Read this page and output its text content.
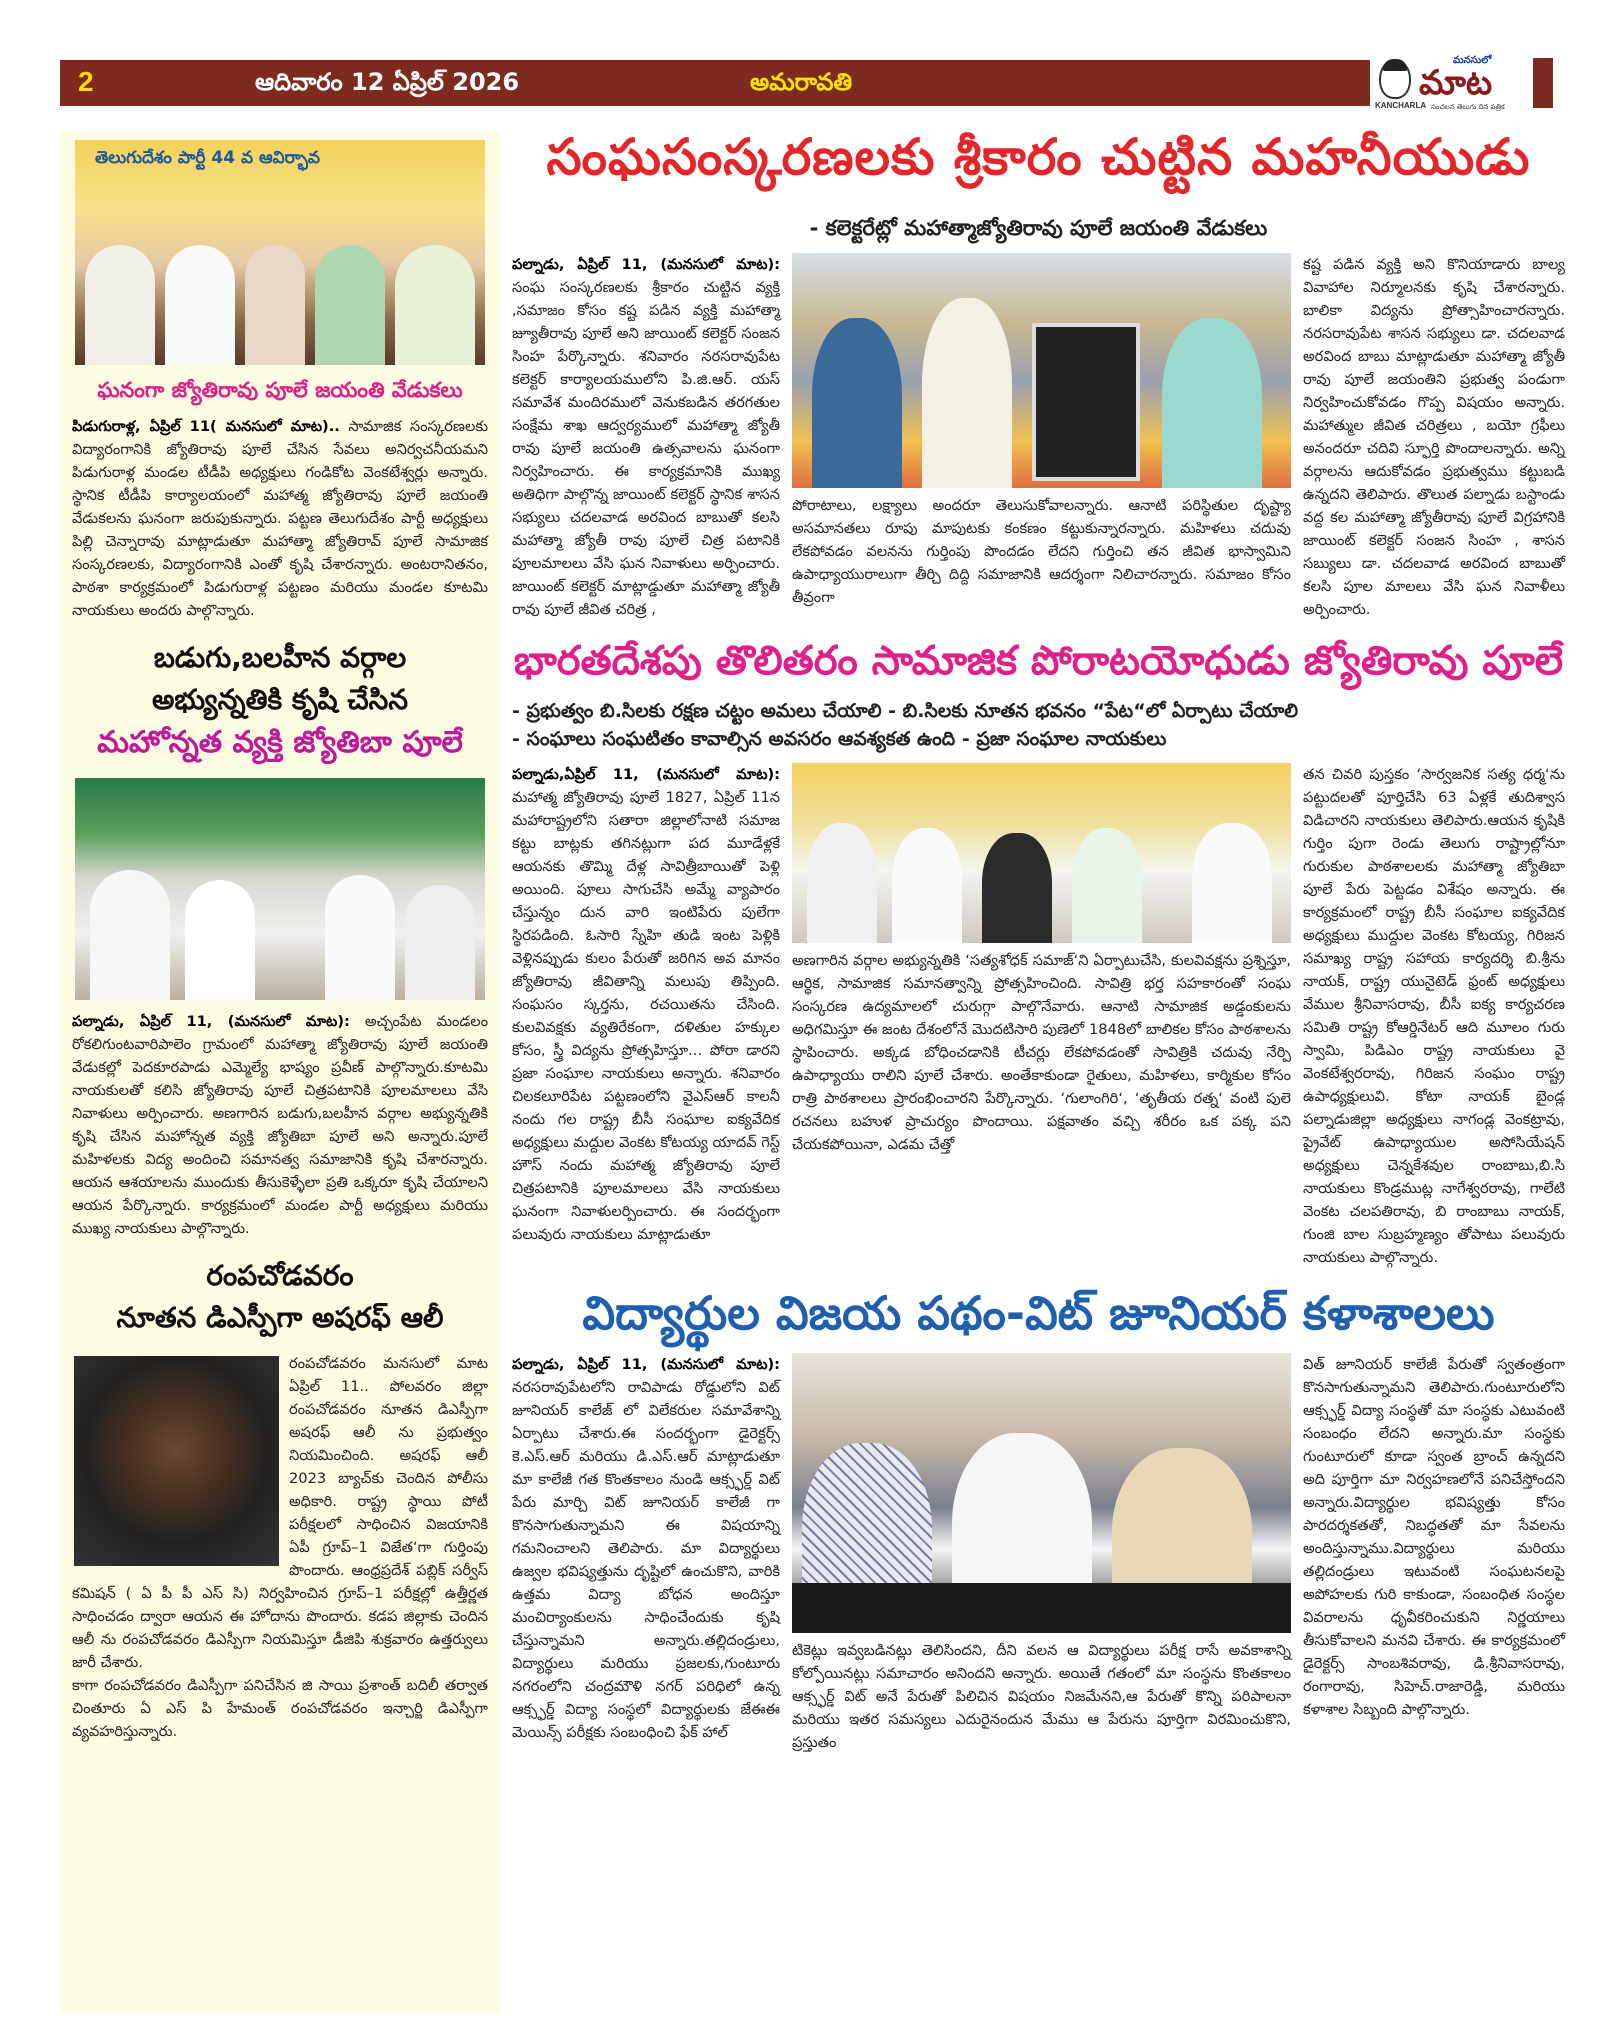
2	ఆదివారం 12 ఏప్రిల్ 2026	అమరావతి
KANCHARLA
మనసులో
మాట
సంచలన తెలుగు దిన పత్రిక
తెలుగుదేశం పార్టీ 44 వ ఆవిర్భావ
ఘనంగా జ్యోతిరావు పూలే జయంతి వేడుకలు
పిడుగురాళ్ల, ఏప్రిల్ 11( మనసులో మాట).. సామాజిక సంస్కరణలకు విద్యారంగానికి జ్యోతిరావు పూలే చేసిన సేవలు అనిర్వచనీయమని పిడుగురాళ్ల మండల టీడీపి అధ్యక్షులు గండికోట వెంకటేశ్వర్లు అన్నారు. స్థానిక టీడీపి కార్యాలయంలో మహాత్మ జ్యోతిరావు పూలే జయంతి వేడుకలను ఘనంగా జరుపుకున్నారు. పట్టణ తెలుగుదేశం పార్టీ అధ్యక్షులు పిల్లి చెన్నారావు మాట్లాడుతూ మహాత్మా జ్యోతిరావ్ పూలే సామాజిక సంస్కరణలకు, విద్యారంగానికి ఎంతో కృషి చేశారన్నారు. అంటరానితనం, పాఠశా కార్యక్రమంలో పిడుగురాళ్ల పట్టణం మరియు మండల కూటమి నాయకులు అందరు పాల్గొన్నారు.
బడుగు,బలహీన వర్గాల
అభ్యున్నతికి కృషి చేసిన
మహోన్నత వ్యక్తి జ్యోతిబా పూలే
పల్నాడు, ఏప్రిల్ 11, (మనసులో మాట): అచ్చంపేట మండలం రోకలిగుంటవారిపాలెం గ్రామంలో మహాత్మా జ్యోతిరావు పూలే జయంతి వేడుకల్లో పెదకూరపాడు ఎమ్మెల్యే భాష్యం ప్రవీణ్ పాల్గొన్నారు.కూటమి నాయకులతో కలిసి జ్యోతిరావు పూలే చిత్రపటానికి పూలమాలలు వేసి నివాళులు అర్పించారు. అణగారిన బడుగు,బలహీన వర్గాల అభ్యున్నతికి కృషి చేసిన మహోన్నత వ్యక్తి జ్యోతిబా పూలే అని అన్నారు.పూలే మహిళలకు విద్య అందించి సమానత్వ సమాజానికి కృషి చేశారన్నారు. ఆయన ఆశయాలను ముందుకు తీసుకెళ్ళేలా ప్రతి ఒక్కరూ కృషి చేయాలని ఆయన పేర్కొన్నారు. కార్యక్రమంలో మండల పార్టీ అధ్యక్షులు మరియు ముఖ్య నాయకులు పాల్గొన్నారు.
రంపచోడవరం
నూతన డిఎస్పీగా అషరఫ్ ఆలీ
రంపచోడవరం మనసులో మాట ఏప్రిల్ 11.. పోలవరం జిల్లా రంపచోడవరం నూతన డిఎస్పీగా అషరఫ్ ఆలీ ను ప్రభుత్వం నియమించింది. అషరఫ్ ఆలీ 2023 బ్యాచ్‌కు చెందిన పోలీసు అధికారి. రాష్ట్ర స్థాయి పోటీ పరీక్షలలో సాధించిన విజయానికి ఏపీ గ్రూప్–1 విజేత‘గా గుర్తింపు పొందారు. ఆంధ్రప్రదేశ్ పబ్లిక్ సర్వీస్ కమిషన్ ( ఏ పీ పీ ఎస్ సి) నిర్వహించిన గ్రూప్–1 పరీక్షల్లో ఉత్తీర్ణత సాధించడం ద్వారా ఆయన ఈ హోదాను పొందారు. కడప జిల్లాకు చెందిన ఆలీ ను రంపచోడవరం డిఎస్పీగా నియమిస్తూ డీజిపి శుక్రవారం ఉత్తర్వులు జారీ చేశారు.
కాగా రంపచోడవరం డిఎస్పీగా పనిచేసిన జి సాయి ప్రశాంత్ బదిలీ తర్వాత చింతూరు ఏ ఎస్ పి హేమంత్ రంపచోడవరం ఇన్చార్జి డిఎస్పీగా వ్యవహరిస్తున్నారు.
సంఘసంస్కరణలకు శ్రీకారం చుట్టిన మహనీయుడు
- కలెక్టరేట్లో మహాత్మాజ్యోతిరావు పూలే జయంతి వేడుకలు
పల్నాడు, ఏప్రిల్ 11, (మనసులో మాట): సంఘ సంస్కరణలకు శ్రీకారం చుట్టిన వ్యక్తి ,సమాజం కోసం కష్ట పడిన వ్యక్తి మహాత్మా జ్యూతీరావు పూలే అని జాయింట్ కలెక్టర్ సంజన సింహ పేర్కొన్నారు. శనివారం నరసరావుపేట కలెక్టర్ కార్యాలయములోని పి.జి.ఆర్. యస్ సమావేశ మందిరములో వెనుకబడిన తరగతుల సంక్షేమ శాఖ ఆద్వర్యములో మహాత్మా జ్యోతీ రావు పూలే జయంతి ఉత్సవాలను ఘనంగా నిర్వహించారు. ఈ కార్యక్రమానికి ముఖ్య అతిధిగా పాల్గొన్న జాయింట్ కలెక్టర్ స్థానిక శాసన సభ్యులు చదలవాడ అరవింద బాబుతో కలసి మహాత్మా జ్యోతీ రావు పూలే చిత్ర పటానికి పూలమాలలు వేసి ఘన నివాళులు అర్పించారు. జాయింట్ కలెక్టర్ మాట్లాడ్డుతూ మహాత్మా జ్యోతీ రావు పూలే జీవిత చరిత్ర ,
పోరాటాలు, లక్ష్యాలు అందరూ తెలుసుకోవాలన్నారు. ఆనాటి పరిస్థితుల దృష్ట్యా అసమానతలు రూపు మాపుటకు కంకణం కట్టుకున్నారన్నారు. మహిళలు చదువు లేకపోవడం వలనను గుర్తింపు పొందడం లేదని గుర్తించి తన జీవిత భాస్వామిని ఉపాధ్యాయురాలుగా తీర్చి దిద్ది సమాజానికి ఆదర్శంగా నిలిచారన్నారు. సమాజం కోసం తీవ్రంగా
కష్ట పడిన వ్యక్తి అని కొనియాడారు బాల్య వివాహాల నిర్మూలనకు కృషి చేశారన్నారు. బాలికా విద్యను ప్రోత్సాహించారన్నారు. నరసరావుపేట శాసన సభ్యులు డా. చదలవాడ అరవింద బాబు మాట్లాడుతూ మహాత్మా జ్యోతీ రావు పూలే జయంతిని ప్రభుత్వ పండుగా నిర్వహించుకోవడం గొప్ప విషయం అన్నారు. మహాత్ముల జీవిత చరిత్రలు , బయో గ్రఫీలు అనందరూ చదివి స్ఫూర్తి పొందాలన్నారు. అన్ని వర్గాలను ఆదుకోవడం ప్రభుత్వము కట్టుబడి ఉన్నదని తెలిపారు. తొలుత పల్నాడు బస్టాండు వద్ద కల మహాత్మా జ్యోతీరావు పూలే విగ్రహానికి జాయింట్ కలెక్టర్ సంజన సింహ , శాసన సబ్యులు డా. చదలవాడ అరవింద బాబుతో కలసి పూల మాలలు వేసి ఘన నివాళీలు అర్పించారు.
భారతదేశపు తొలితరం సామాజిక పోరాటయోధుడు జ్యోతిరావు పూలే
- ప్రభుత్వం బి.సిలకు రక్షణ చట్టం అమలు చేయాలి - బి.సిలకు నూతన భవనం “పేట“లో ఏర్పాటు చేయాలి
- సంఘాలు సంఘటితం కావాల్సిన అవసరం ఆవశ్యకత ఉంది - ప్రజా సంఘాల నాయకులు
పల్నాడు,ఏప్రిల్ 11, (మనసులో మాట): మహాత్మ జ్యోతిరావు పూలే 1827, ఏప్రిల్ 11న మహారాష్ట్రలోని సతారా జిల్లాలోనాటి సమాజ కట్టు బాట్లకు తగినట్లుగా పద మూడేళ్లకే ఆయనకు తొమ్మి దేళ్ల సావిత్రీబాయితో పెళ్లి అయింది. పూలు సాగుచేసి అమ్మే వ్యాపారం చేస్తున్నం దున వారి ఇంటిపేరు పులేగా స్థిరపడింది. ఓసారి స్నేహి తుడి ఇంట పెళ్లికి వెళ్లినప్పుడు కులం పేరుతో జరిగిన అవ మానం జ్యోతిరావు జీవితాన్ని మలుపు తిప్పింది. సంఘసం స్కర్తను, రచయితను చేసింది. కులవివక్షకు వ్యతిరేకంగా, దళితుల హక్కుల కోసం, స్త్రీ విద్యను ప్రోత్సహిస్తూ... పోరా డారని ప్రజా సంఘాల నాయకులు అన్నారు. శనివారం చిలకలూరిపేట పట్టణంలోని వైఎస్ఆర్ కాలనీ నందు గల రాష్ట్ర బీసీ సంఘాల ఐక్యవేదిక అధ్యక్షులు మద్దుల వెంకట కోటయ్య యాదవ్ గెస్ట్ హౌస్ నందు మహాత్మ జ్యోతిరావు పూలే చిత్రపటానికి పూలమాలలు వేసి నాయకులు ఘనంగా నివాళులర్పించారు. ఈ సందర్భంగా పలువురు నాయకులు మాట్లాడుతూ
అణగారిన వర్గాల అభ్యున్నతికి ‘సత్యశోధక్ సమాజ్‘ని ఏర్పాటుచేసి, కులవివక్షను ప్రశ్నిస్తూ, ఆర్థిక, సామాజిక సమానత్వాన్ని ప్రోత్సహించింది. సావిత్రి భర్త సహకారంతో సంఘ సంస్కరణ ఉద్యమాలలో చురుగ్గా పాల్గొనేవారు. ఆనాటి సామాజిక అడ్డంకులను అధిగమిస్తూ ఈ జంట దేశంలోనే మొదటిసారి పుణెలో 1848లో బాలికల కోసం పాఠశాలను స్థాపించారు. అక్కడ బోధించడానికి టీచర్లు లేకపోవడంతో సావిత్రికి చదువు నేర్పి ఉపాధ్యాయు రాలిని పూలే చేశారు. అంతేకాకుండా రైతులు, మహిళలు, కార్మికుల కోసం రాత్రి పాఠశాలలు ప్రారంభించారని పేర్కొన్నారు. ‘గులాంగిరి‘, ‘తృతీయ రత్న‘ వంటి పులె రచనలు బహుళ ప్రాచుర్యం పొందాయి. పక్షవాతం వచ్చి శరీరం ఒక పక్క పని చేయకపోయినా, ఎడమ చేత్తో
తన చివరి పుస్తకం ‘సార్వజనిక సత్య ధర్మ‘ను పట్టుదలతో పూర్తిచేసి 63 ఏళ్లకే తుదిశ్వాస విడిచారని నాయకులు తెలిపారు.ఆయన కృషికి గుర్తిం పుగా రెండు తెలుగు రాష్ట్రాల్లోనూ గురుకుల పాఠశాలలకు మహాత్మా జ్యోతిబా పూలే పేరు పెట్టడం విశేషం అన్నారు. ఈ కార్యక్రమంలో రాష్ట్ర బీసీ సంఘాల ఐక్యవేదిక అధ్యక్షులు ముద్దుల వెంకట కోటయ్య, గిరిజన సమాఖ్య రాష్ట్ర సహాయ కార్యదర్శి బి.శ్రీను నాయక్, రాష్ట్ర యునైటెడ్ ఫ్రంట్ అధ్యక్షులు వేముల శ్రీనివాసరావు, బీసీ ఐక్య కార్యచరణ సమితి రాష్ట్ర కోఆర్డినేటర్ ఆది మూలం గురు స్వామి, పిడిఎం రాష్ట్ర నాయకులు వై వెంకటేశ్వరరావు, గిరిజన సంఘం రాష్ట్ర ఉపాధ్యక్షులువి. కోటా నాయక్ బైండ్ల పల్నాడుజిల్లా అధ్యక్షులు నాగండ్ల వెంకట్రావు, ప్రైవేట్ ఉపాధ్యాయుల అసోసియేషన్ అధ్యక్షులు చెన్నకేశవుల రాంబాబు,బి.సి నాయకులు కొండ్రముట్ల నాగేశ్వరరావు, గాలేటి వెంకట చలపతిరావు, బి రాంబాబు నాయక్, గుంజి బాల సుబ్రహ్మణ్యం తోపాటు పలువురు నాయకులు పాల్గొన్నారు.
విద్యార్థుల విజయ పథం-విట్ జూనియర్ కళాశాలలు
పల్నాడు, ఏప్రిల్ 11, (మనసులో మాట): నరసరావుపేటలోని రావిపాడు రోడ్డులోని విట్ జూనియర్ కాలేజ్ లో విలేకరుల సమావేశాన్ని ఏర్పాటు చేశారు.ఈ సందర్భంగా డైరెక్టర్స్ కె.ఎస్.ఆర్ మరియు డి.ఎస్.ఆర్ మాట్లాడుతూ మా కాలేజీ గత కొంతకాలం నుండి ఆక్స్ఫర్డ్ విట్ పేరు మార్చి విట్ జూనియర్ కాలేజీ గా కొనసాగుతున్నామని ఈ విషయాన్ని గమనించాలని తెలిపారు. మా విద్యార్థులు ఉజ్వల భవిష్యత్తును దృష్టిలో ఉంచుకొని, వారికి ఉత్తమ విద్యా బోధన అందిస్తూ మంచిర్యాంకులను సాధించేందుకు కృషి చేస్తున్నామని అన్నారు.తల్లిదండ్రులు, విద్యార్థులు మరియు ప్రజలకు,గుంటూరు నగరంలోని చంద్రమౌళి నగర్ పరిధిలో ఉన్న ఆక్స్ఫర్డ్ విద్యా సంస్థలో విద్యార్థులకు జేఈఈ మెయిన్స్ పరీక్షకు సంబంధించి ఫేక్ హాల్
టికెట్లు ఇవ్వబడినట్లు తెలిసిందని, దీని వలన ఆ విద్యార్థులు పరీక్ష రాసే అవకాశాన్ని కోల్పోయినట్లు సమాచారం అనిందని అన్నారు. అయితే గతంలో మా సంస్థను కొంతకాలం ఆక్స్ఫర్డ్ విట్ అనే పేరుతో పిలిచిన విషయం నిజమేనని,ఆ పేరుతో కొన్ని పరిపాలనా మరియు ఇతర సమస్యలు ఎదురైనందున మేము ఆ పేరును పూర్తిగా విరమించుకొని, ప్రస్తుతం
విత్ జూనియర్ కాలేజీ పేరుతో స్వతంత్రంగా కొనసాగుతున్నామని తెలిపారు.గుంటూరులోని ఆక్స్ఫర్డ్ విద్యా సంస్థతో మా సంస్థకు ఎటువంటి సంబంధం లేదని అన్నారు.మా సంస్థకు గుంటూరులో కూడా స్వంత బ్రాంచ్ ఉన్నదని అది పూర్తిగా మా నిర్వహణలోనే పనిచేస్తోందని అన్నారు.విద్యార్థుల భవిష్యత్తు కోసం పారదర్శకతతో, నిబద్ధతతో మా సేవలను అందిస్తున్నాము.విద్యార్థులు మరియు తల్లిదండ్రులు ఇటువంటి సంఘటనలపై అపోహలకు గురి కాకుండా, సంబంధిత సంస్థల వివరాలను ధృవీకరించుకుని నిర్ణయాలు తీసుకోవాలని మనవి చేశారు. ఈ కార్యక్రమంలో డైరెక్టర్స్ సాంబశివరావు, డి.శ్రీనివాసరావు, రంగారావు, సిహెచ్.రాజారెడ్డి, మరియు కళాశాల సిబ్బంది పాల్గొన్నారు.
